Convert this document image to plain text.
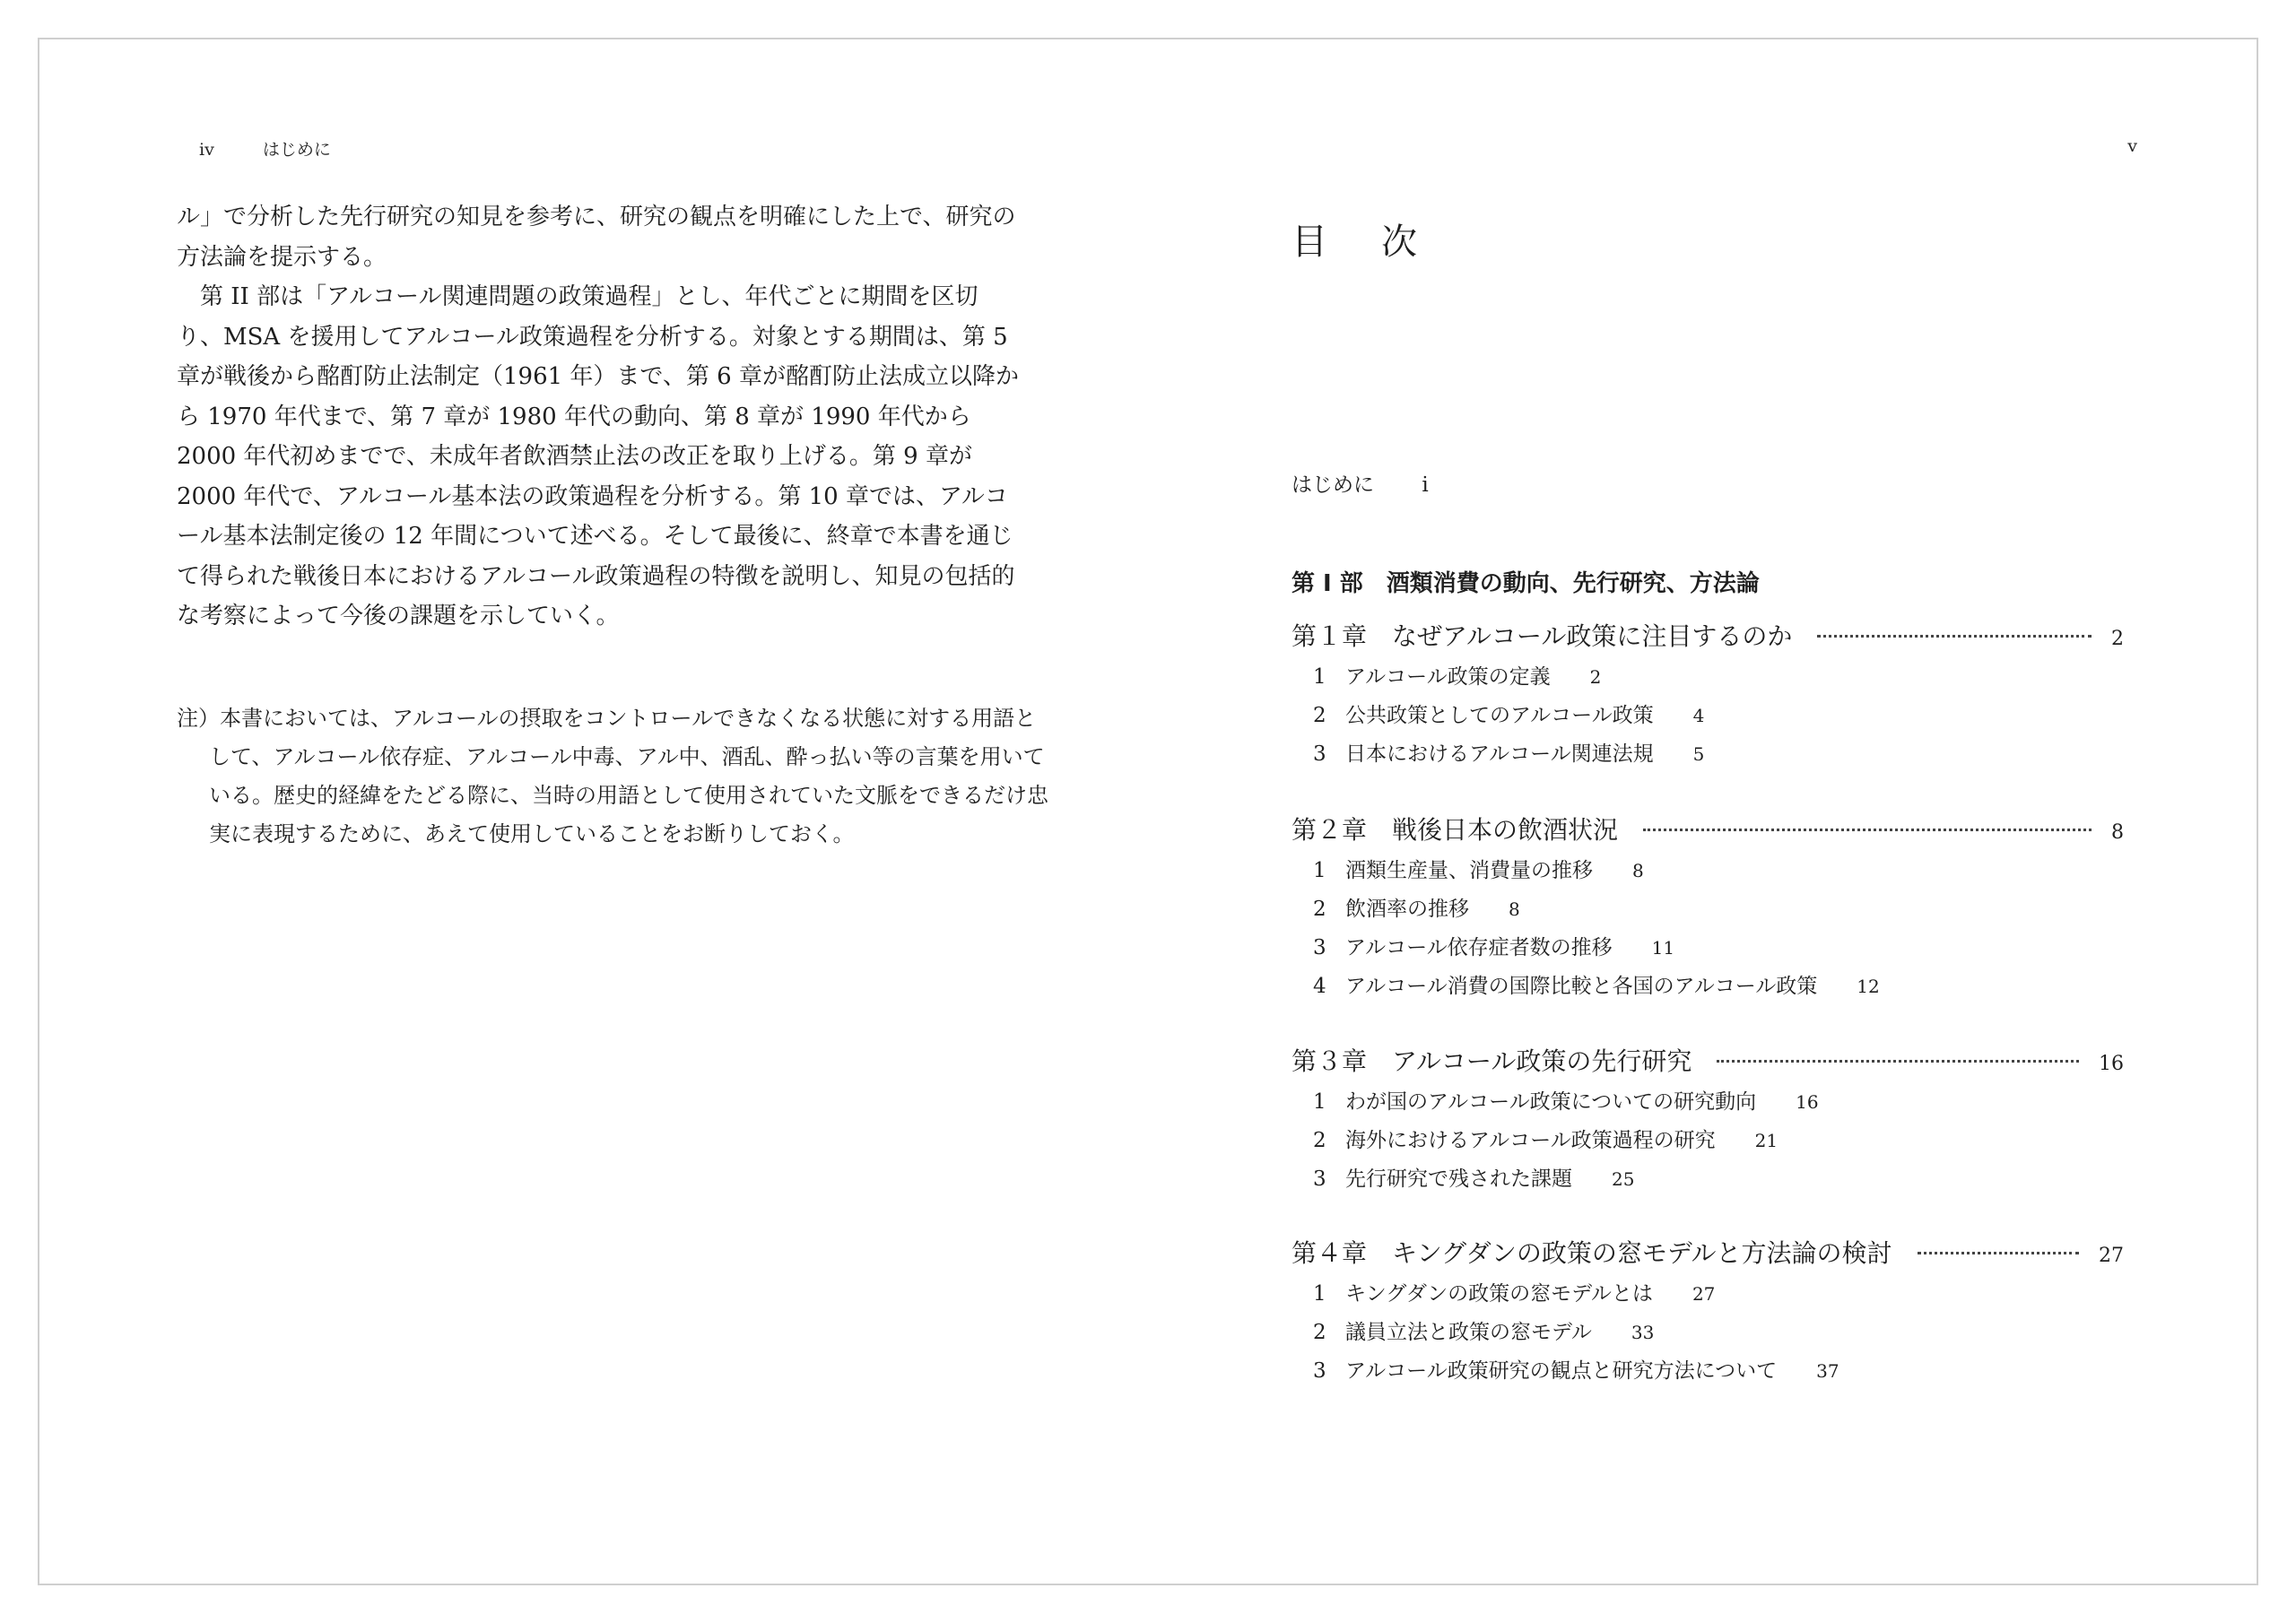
iv	はじめに

ル」で分析した先行研究の知見を参考に、研究の観点を明確にした上で、研究の方法論を提示する。

第 II 部は「アルコール関連問題の政策過程」とし、年代ごとに期間を区切り、MSA を援用してアルコール政策過程を分析する。対象とする期間は、第 5 章が戦後から酩酊防止法制定（1961 年）まで、第 6 章が酩酊防止法成立以降から 1970 年代まで、第 7 章が 1980 年代の動向、第 8 章が 1990 年代から 2000 年代初めまでで、未成年者飲酒禁止法の改正を取り上げる。第 9 章が 2000 年代で、アルコール基本法の政策過程を分析する。第 10 章では、アルコール基本法制定後の 12 年間について述べる。そして最後に、終章で本書を通じて得られた戦後日本におけるアルコール政策過程の特徴を説明し、知見の包括的な考察によって今後の課題を示していく。

注）本書においては、アルコールの摂取をコントロールできなくなる状態に対する用語として、アルコール依存症、アルコール中毒、アル中、酒乱、酔っ払い等の言葉を用いている。歴史的経緯をたどる際に、当時の用語として使用されていた文脈をできるだけ忠実に表現するために、あえて使用していることをお断りしておく。

v
目次
はじめに i
第 I 部　酒類消費の動向、先行研究、方法論
第１章 なぜアルコール政策に注目するのか	2
1 アルコール政策の定義 2
2 公共政策としてのアルコール政策 4
3 日本におけるアルコール関連法規 5
第２章 戦後日本の飲酒状況	8
1 酒類生産量、消費量の推移 8
2 飲酒率の推移 8
3 アルコール依存症者数の推移 11
4 アルコール消費の国際比較と各国のアルコール政策 12
第３章 アルコール政策の先行研究	16
1 わが国のアルコール政策についての研究動向 16
2 海外におけるアルコール政策過程の研究 21
3 先行研究で残された課題 25
第４章 キングダンの政策の窓モデルと方法論の検討	27
1 キングダンの政策の窓モデルとは 27
2 議員立法と政策の窓モデル 33
3 アルコール政策研究の観点と研究方法について 37
